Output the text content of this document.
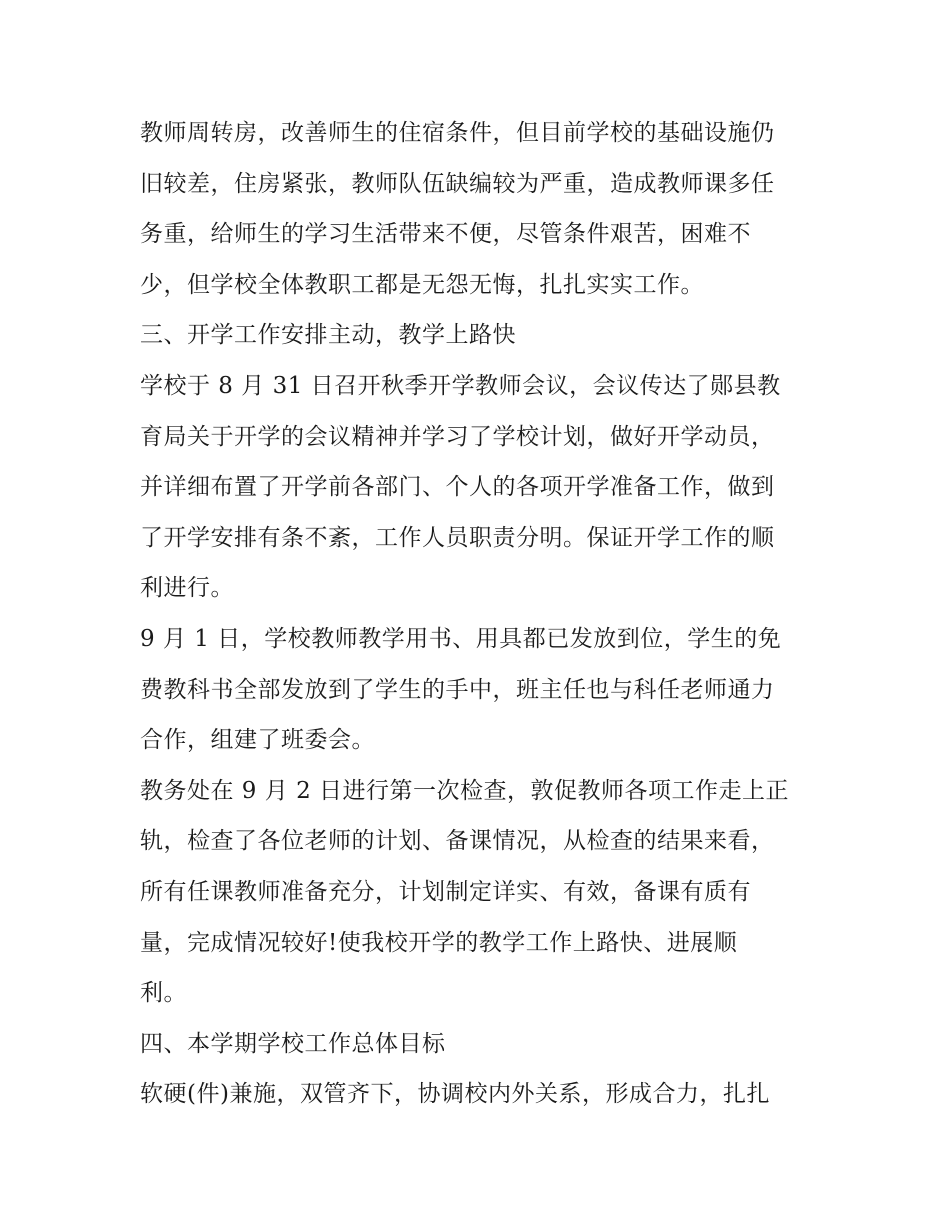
教师周转房，改善师生的住宿条件，但目前学校的基础设施仍
旧较差，住房紧张，教师队伍缺编较为严重，造成教师课多任
务重，给师生的学习生活带来不便，尽管条件艰苦，困难不
少，但学校全体教职工都是无怨无悔，扎扎实实工作。
三、开学工作安排主动，教学上路快
学校于 8 月 31 日召开秋季开学教师会议，会议传达了郧县教
育局关于开学的会议精神并学习了学校计划，做好开学动员，
并详细布置了开学前各部门、个人的各项开学准备工作，做到
了开学安排有条不紊，工作人员职责分明。保证开学工作的顺
利进行。
9 月 1 日，学校教师教学用书、用具都已发放到位，学生的免
费教科书全部发放到了学生的手中，班主任也与科任老师通力
合作，组建了班委会。
教务处在 9 月 2 日进行第一次检查，敦促教师各项工作走上正
轨，检查了各位老师的计划、备课情况，从检查的结果来看，
所有任课教师准备充分，计划制定详实、有效，备课有质有
量，完成情况较好!使我校开学的教学工作上路快、进展顺
利。
四、本学期学校工作总体目标
软硬(件)兼施，双管齐下，协调校内外关系，形成合力，扎扎
